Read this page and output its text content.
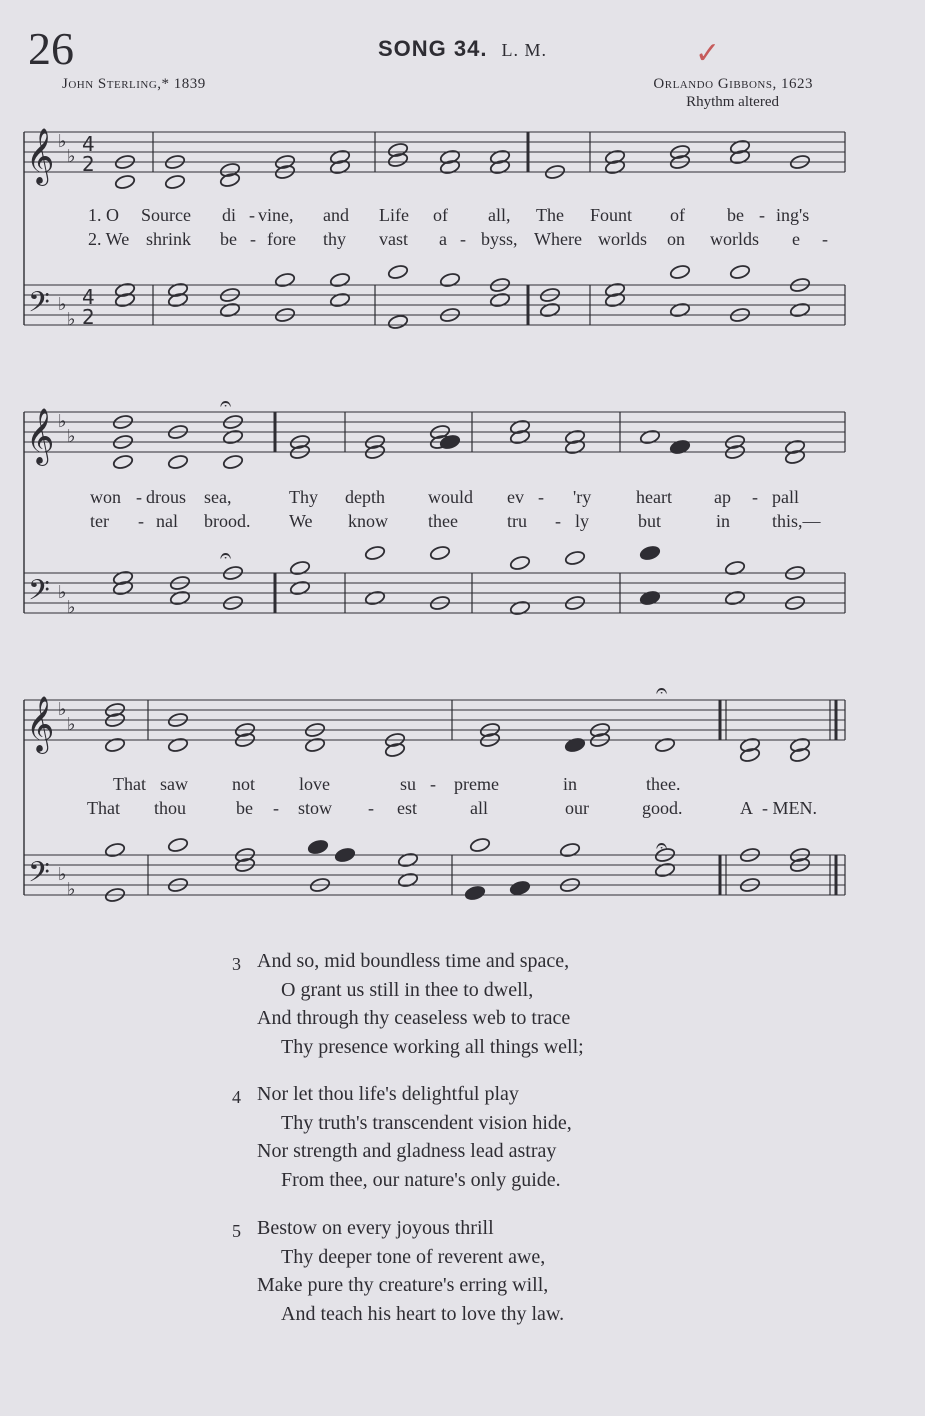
26	SONG 34. L. M.
John Sterling,* 1839	Orlando Gibbons, 1623
Rhythm altered
✓
𝄞
𝄢
♭
♭
♭
♭
4
2
4
2
𝄞
𝄢
♭
♭
♭
♭
𝄐
𝄐
𝄞
𝄢
♭
♭
♭
♭
𝄐
𝄐
1. O Source di - vine, and Life of all, The Fount of be - ing's
2. We shrink be - fore thy vast a - byss, Where worlds on worlds e -
won - drous sea,	Thy depth would ev - 'ry heart ap - pall
ter - nal brood. We know thee	tru - ly	but	in this,—
That saw not love	su - preme	in	thee.
That thou	be - stow - est	all	our	good.	A - MEN.
3 And so, mid boundless time and space,
O grant us still in thee to dwell,
And through thy ceaseless web to trace
Thy presence working all things well;
4 Nor let thou life's delightful play
Thy truth's transcendent vision hide,
Nor strength and gladness lead astray
From thee, our nature's only guide.
5 Bestow on every joyous thrill
Thy deeper tone of reverent awe,
Make pure thy creature's erring will,
And teach his heart to love thy law.
